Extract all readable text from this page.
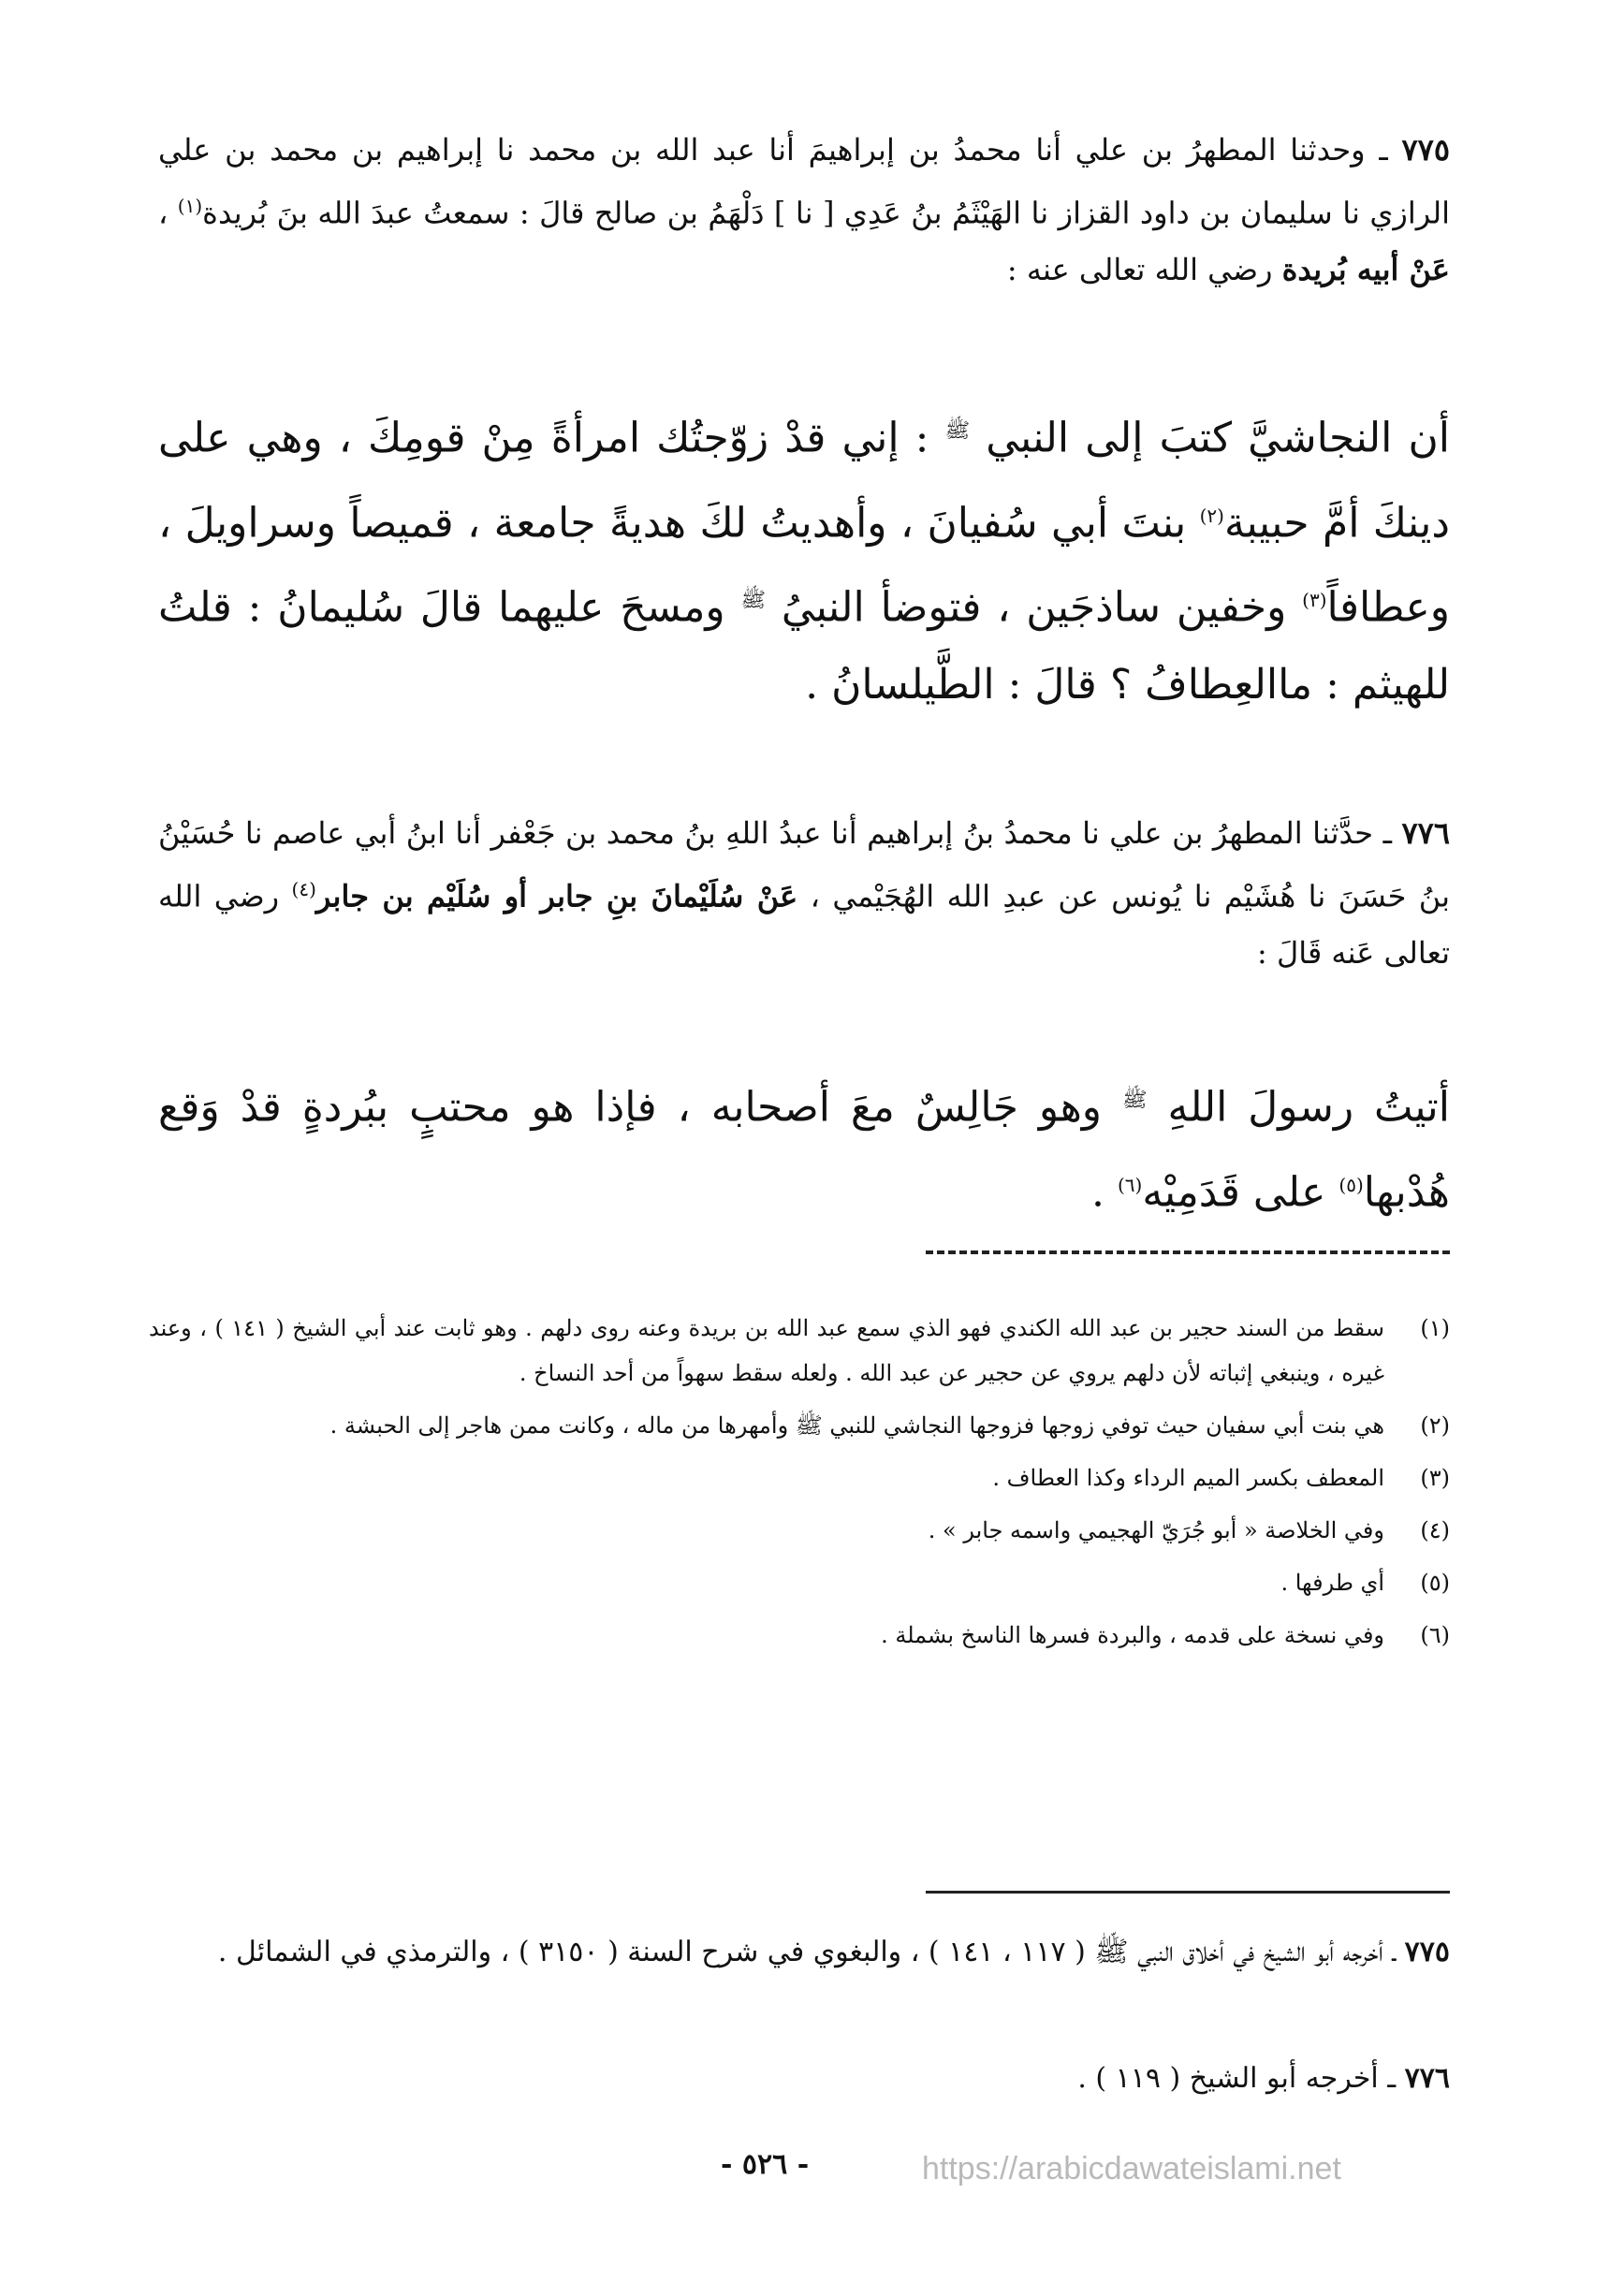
٧٧٥ ـ وحدثنا المطهرُ بن علي أنا محمدُ بن إبراهيمَ أنا عبد الله بن محمد نا إبراهيم بن محمد بن علي الرازي نا سليمان بن داود القزاز نا الهَيْثَمُ بنُ عَدِي [ نا ] دَلْهَمُ بن صالح قالَ : سمعتُ عبدَ الله بنَ بُريدة$^{(١)}$ ، عَنْ أبيه بُريدة رضي الله تعالى عنه :

أن النجاشيَّ كتبَ إلى النبي $^ﷺ$ : إني قدْ زوّجتُك امرأةً مِنْ قومِكَ ، وهي على دينكَ أمَّ حبيبة$^{(٢)}$ بنتَ أبي سُفيانَ ، وأهديتُ لكَ هديةً جامعة ، قميصاً وسراويلَ ، وعطافاً$^{(٣)}$ وخفين ساذجَين ، فتوضأ النبيُ $^ﷺ$ ومسحَ عليهما قالَ سُليمانُ : قلتُ للهيثم : ماالعِطافُ ؟ قالَ : الطَّيلسانُ .

٧٧٦ ـ حدَّثنا المطهرُ بن علي نا محمدُ بنُ إبراهيم أنا عبدُ اللهِ بنُ محمد بن جَعْفر أنا ابنُ أبي عاصم نا حُسَيْنُ بنُ حَسَنَ نا هُشَيْم نا يُونس عن عبدِ الله الهُجَيْمي ، عَنْ سُلَيْمانَ بنِ جابر أو سُلَيْم بن جابر$^{(٤)}$ رضي الله تعالى عَنه قَالَ :

أتيتُ رسولَ اللهِ $^ﷺ$ وهو جَالِسٌ معَ أصحابه ، فإذا هو محتبٍ ببُردةٍ قدْ وَقع هُدْبها$^{(٥)}$ على قَدَمِيْه$^{(٦)}$ .

(١)
سقط من السند حجير بن عبد الله الكندي فهو الذي سمع عبد الله بن بريدة وعنه روى دلهم . وهو ثابت عند أبي الشيخ ( ١٤١ ) ، وعند غيره ، وينبغي إثباته لأن دلهم يروي عن حجير عن عبد الله . ولعله سقط سهواً من أحد النساخ .
(٢)
هي بنت أبي سفيان حيث توفي زوجها فزوجها النجاشي للنبي ﷺ وأمهرها من ماله ، وكانت ممن هاجر إلى الحبشة .
(٣)
المعطف بكسر الميم الرداء وكذا العطاف .
(٤)
وفي الخلاصة « أبو جُرَيّ الهجيمي واسمه جابر » .
(٥)
أي طرفها .
(٦)
وفي نسخة على قدمه ، والبردة فسرها الناسخ بشملة .

٧٧٥ ـ أخرجه أبو الشيخ في أخلاق النبي ﷺ ( ١١٧ ، ١٤١ ) ، والبغوي في شرح السنة ( ٣١٥٠ ) ، والترمذي في الشمائل .

٧٧٦ ـ أخرجه أبو الشيخ ( ١١٩ ) .

- ٥٢٦ -	https://arabicdawateislami.net
